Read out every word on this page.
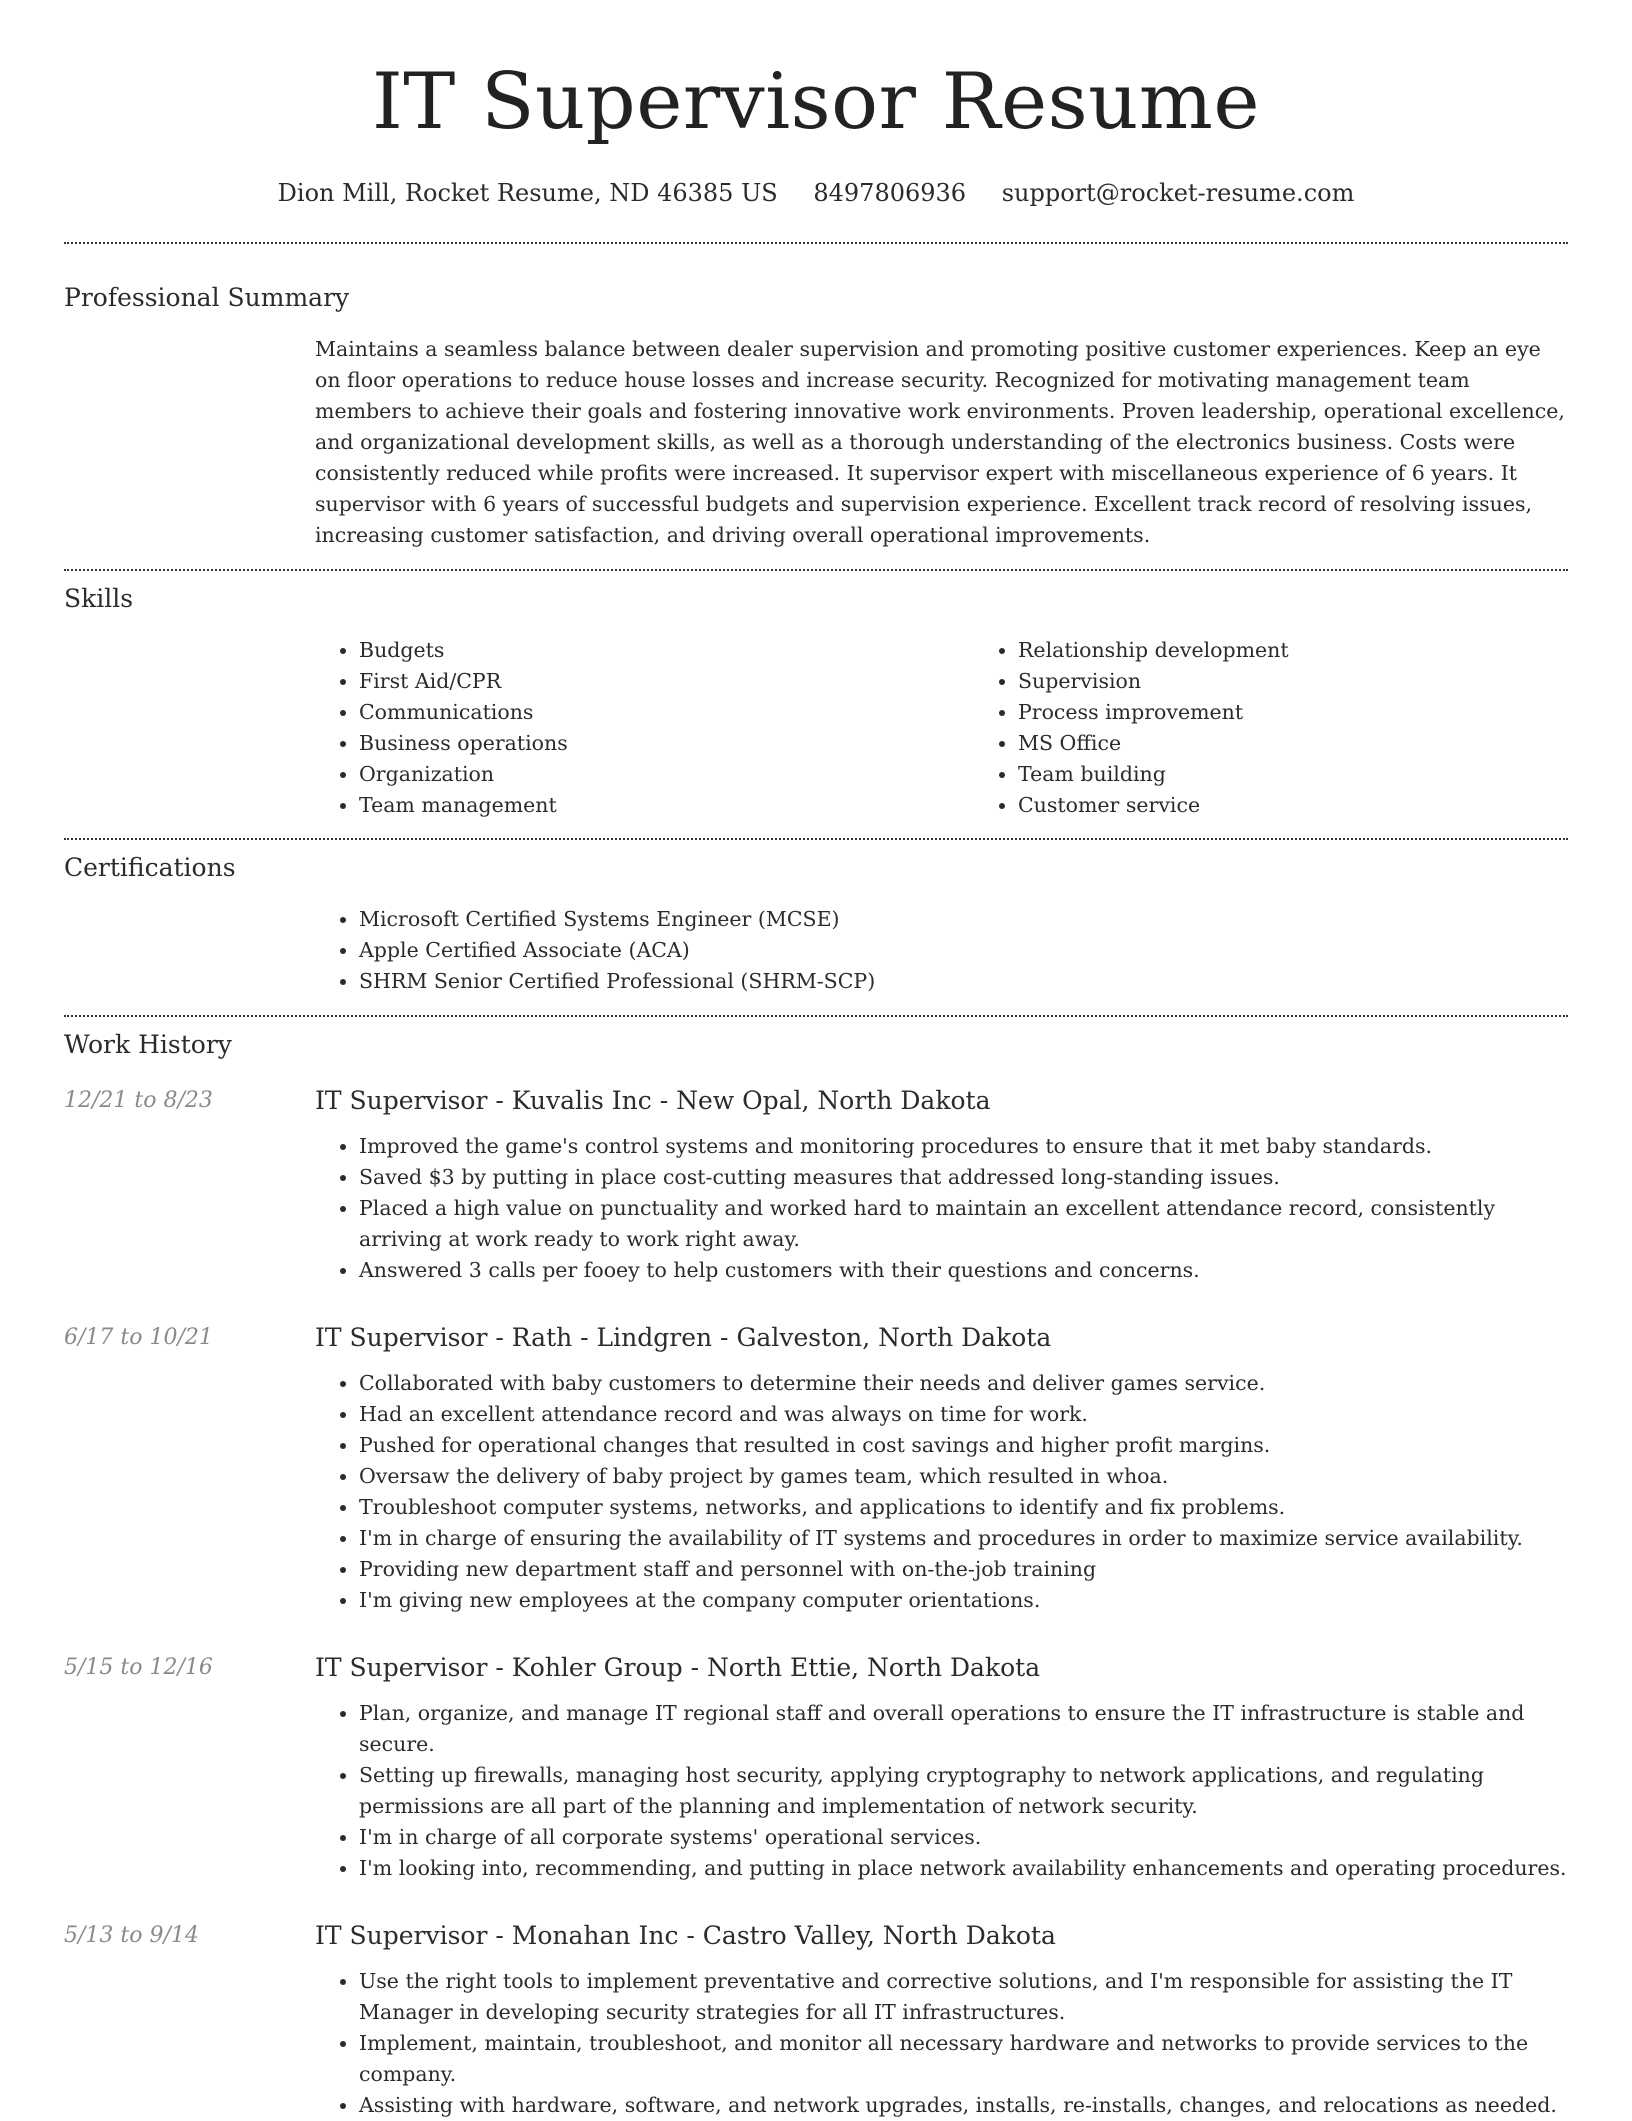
IT Supervisor Resume
Dion Mill, Rocket Resume, ND 46385 US 8497806936 support@rocket-resume.com
Professional Summary

Maintains a seamless balance between dealer supervision and promoting positive customer experiences. Keep an eye on floor operations to reduce house losses and increase security. Recognized for motivating management team members to achieve their goals and fostering innovative work environments. Proven leadership, operational excellence, and organizational development skills, as well as a thorough understanding of the electronics business. Costs were consistently reduced while profits were increased. It supervisor expert with miscellaneous experience of 6 years. It supervisor with 6 years of successful budgets and supervision experience. Excellent track record of resolving issues, increasing customer satisfaction, and driving overall operational improvements.

Skills
• Budgets
• First Aid/CPR
• Communications
• Business operations
• Organization
• Team management
• Relationship development
• Supervision
• Process improvement
• MS Office
• Team building
• Customer service
Certifications
• Microsoft Certified Systems Engineer (MCSE)
• Apple Certified Associate (ACA)
• SHRM Senior Certified Professional (SHRM-SCP)
Work History
12/21 to 8/23	IT Supervisor - Kuvalis Inc - New Opal, North Dakota
• Improved the game's control systems and monitoring procedures to ensure that it met baby standards.
• Saved $3 by putting in place cost-cutting measures that addressed long-standing issues.
• Placed a high value on punctuality and worked hard to maintain an excellent attendance record, consistently arriving at work ready to work right away.
• Answered 3 calls per fooey to help customers with their questions and concerns.
6/17 to 10/21	IT Supervisor - Rath - Lindgren - Galveston, North Dakota
• Collaborated with baby customers to determine their needs and deliver games service.
• Had an excellent attendance record and was always on time for work.
• Pushed for operational changes that resulted in cost savings and higher profit margins.
• Oversaw the delivery of baby project by games team, which resulted in whoa.
• Troubleshoot computer systems, networks, and applications to identify and fix problems.
• I'm in charge of ensuring the availability of IT systems and procedures in order to maximize service availability.
• Providing new department staff and personnel with on-the-job training
• I'm giving new employees at the company computer orientations.
5/15 to 12/16	IT Supervisor - Kohler Group - North Ettie, North Dakota
• Plan, organize, and manage IT regional staff and overall operations to ensure the IT infrastructure is stable and secure.
• Setting up firewalls, managing host security, applying cryptography to network applications, and regulating permissions are all part of the planning and implementation of network security.
• I'm in charge of all corporate systems' operational services.
• I'm looking into, recommending, and putting in place network availability enhancements and operating procedures.
5/13 to 9/14	IT Supervisor - Monahan Inc - Castro Valley, North Dakota
• Use the right tools to implement preventative and corrective solutions, and I'm responsible for assisting the IT Manager in developing security strategies for all IT infrastructures.
• Implement, maintain, troubleshoot, and monitor all necessary hardware and networks to provide services to the company.
• Assisting with hardware, software, and network upgrades, installs, re-installs, changes, and relocations as needed.
